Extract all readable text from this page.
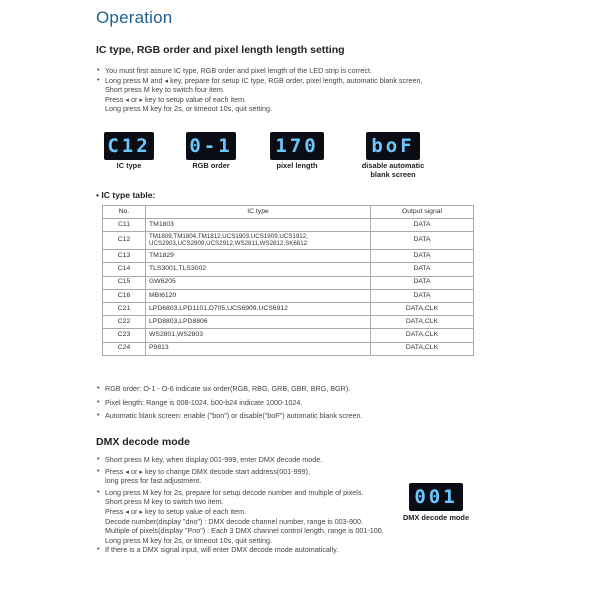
Operation
IC type, RGB order and pixel length length setting
• You must first assure IC type, RGB order and pixel length of the LED strip is correct.
• Long press M and ◂ key, prepare for setup IC type, RGB order, pixel length, automatic blank screen,
Short press M key to switch four item.
Press ◂ or ▸ key to setup value of each item.
Long press M key for 2s, or timeout 10s, quit setting.
C12
IC type
0-1
RGB order
170
pixel length
boF
disable automatic blank screen
• IC type table:
No.	IC type	Output signal
C11	TM1803	DATA
C12	TM1809,TM1804,TM1812,UCS1903,UCS1909,UCS1912, UCS2903,UCS2909,UCS2912,WS2811,WS2812,SK6812	DATA
C13	TM1829	DATA
C14	TLS3001,TLS3002	DATA
C15	GW6205	DATA
C16	MBI6120	DATA
C21	LPD6803,LPD1101,D705,UCS6909,UCS6912	DATA,CLK
C22	LPD8803,LPD8806	DATA,CLK
C23	WS2801,WS2803	DATA,CLK
C24	P9813	DATA,CLK
• RGB order: O-1 - O-6 indicate six order(RGB, RBG, GRB, GBR, BRG, BGR).
• Pixel length: Range is 008-1024, b00-b24 indicate 1000-1024.
• Automatic blank screen: enable ("bon") or disable("boF") automatic blank screen.
DMX decode mode
• Short press M key, when display 001-999, enter DMX decode mode.
• Press ◂ or ▸ key to change DMX decode start address(001-999),
long press for fast adjustment.
• Long press M key for 2s, prepare for setup decode number and multiple of pixels.
Short press M key to switch two item.
Press ◂ or ▸ key to setup value of each item.
Decode number(display "dno") : DMX decode channel number, range is 003-900.
Multiple of pixels(display "Pno") : Each 3 DMX channel control length, range is 001-100.
Long press M key for 2s, or timeout 10s, quit setting.
• If there is a DMX signal input, will enter DMX decode mode automatically.
001
DMX decode mode
